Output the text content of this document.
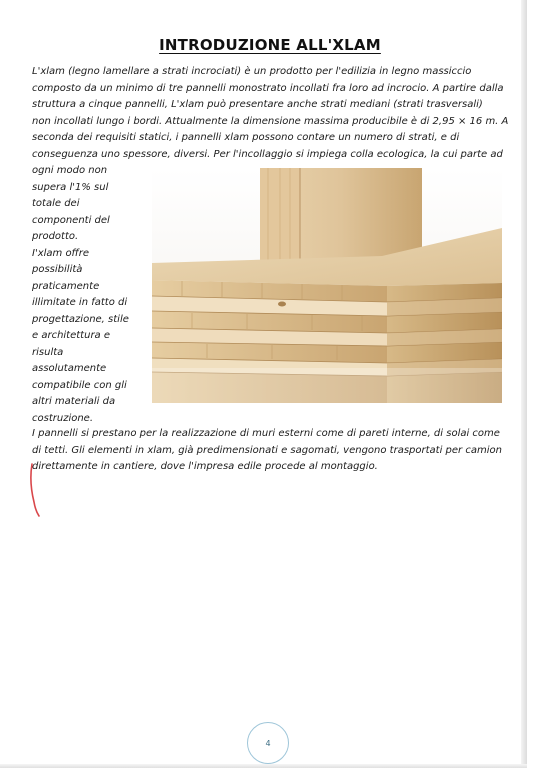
INTRODUZIONE ALL'XLAM
L'xlam (legno lamellare a strati incrociati) è un prodotto per l'edilizia in legno massiccio
composto da un minimo di tre pannelli monostrato incollati fra loro ad incrocio. A partire dalla
struttura a cinque pannelli, L'xlam può presentare anche strati mediani (strati trasversali)
non incollati lungo i bordi. Attualmente la dimensione massima producibile è di 2,95 × 16 m. A
seconda dei requisiti statici, i pannelli xlam possono contare un numero di strati, e di
conseguenza uno spessore, diversi. Per l'incollaggio si impiega colla ecologica, la cui parte ad
ogni modo non
supera l'1% sul
totale dei
componenti del
prodotto.
I'xlam offre
possibilità
praticamente
illimitate in fatto di
progettazione, stile
e architettura e
risulta
assolutamente
compatibile con gli
altri materiali da
costruzione.
trovacasa
I pannelli si prestano per la realizzazione di muri esterni come di pareti interne, di solai come
di tetti. Gli elementi in xlam, già predimensionati e sagomati, vengono trasportati per camion
direttamente in cantiere, dove l'impresa edile procede al montaggio.
4
